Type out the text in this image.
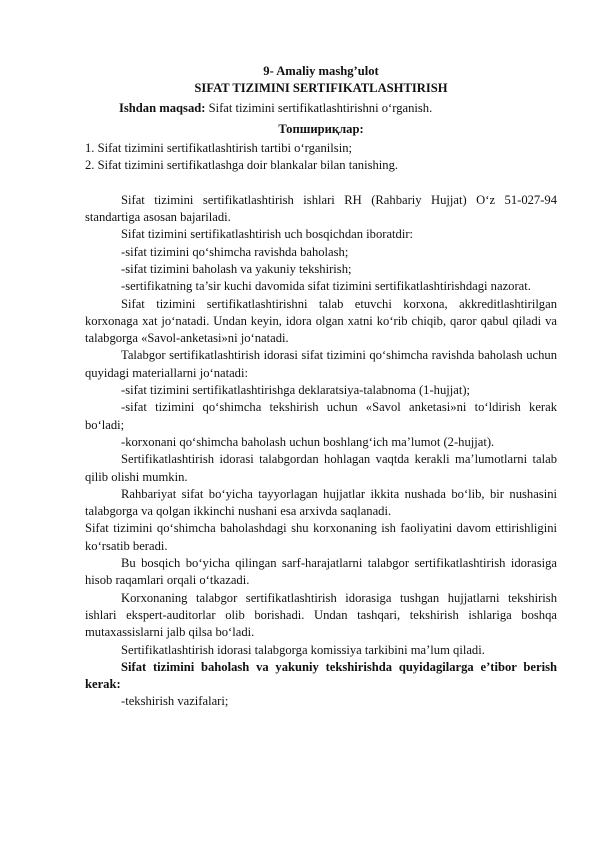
9- Amaliy mashg’ulot
SIFAT TIZIMINI SERTIFIKATLASHTIRISH
Ishdan maqsad: Sifat tizimini sertifikatlashtirishni o‘rganish.
Топшириқлар:

1. Sifat tizimini sertifikatlashtirish tartibi o‘rganilsin;

2. Sifat tizimini sertifikatlashga doir blankalar bilan tanishing.

Sifat tizimini sertifikatlashtirish ishlari RH (Rahbariy Hujjat) O‘z 51-027-94 standartiga asosan bajariladi.

Sifat tizimini sertifikatlashtirish uch bosqichdan iboratdir:

-sifat tizimini qo‘shimcha ravishda baholash;

-sifat tizimini baholash va yakuniy tekshirish;

-sertifikatning ta’sir kuchi davomida sifat tizimini sertifikatlashtirishdagi nazorat.

Sifat tizimini sertifikatlashtirishni talab etuvchi korxona, akkreditlashtirilgan korxonaga xat jo‘natadi. Undan keyin, idora olgan xatni ko‘rib chiqib, qaror qabul qiladi va talabgorga «Savol-anketasi»ni jo‘natadi.

Talabgor sertifikatlashtirish idorasi sifat tizimini qo‘shimcha ravishda baholash uchun quyidagi materiallarni jo‘natadi:

-sifat tizimini sertifikatlashtirishga deklaratsiya-talabnoma (1-hujjat);

-sifat tizimini qo‘shimcha tekshirish uchun «Savol anketasi»ni to‘ldirish kerak bo‘ladi;

-korxonani qo‘shimcha baholash uchun boshlang‘ich ma’lumot (2-hujjat).

Sertifikatlashtirish idorasi talabgordan hohlagan vaqtda kerakli ma’lumotlarni talab qilib olishi mumkin.

Rahbariyat sifat bo‘yicha tayyorlagan hujjatlar ikkita nushada bo‘lib, bir nushasini talabgorga va qolgan ikkinchi nushani esa arxivda saqlanadi.

Sifat tizimini qo‘shimcha baholashdagi shu korxonaning ish faoliyatini davom ettirishligini ko‘rsatib beradi.

Bu bosqich bo‘yicha qilingan sarf-harajatlarni talabgor sertifikatlashtirish idorasiga hisob raqamlari orqali o‘tkazadi.

Korxonaning talabgor sertifikatlashtirish idorasiga tushgan hujjatlarni tekshirish ishlari ekspert-auditorlar olib borishadi. Undan tashqari, tekshirish ishlariga boshqa mutaxassislarni jalb qilsa bo‘ladi.

Sertifikatlashtirish idorasi talabgorga komissiya tarkibini ma’lum qiladi.

Sifat tizimini baholash va yakuniy tekshirishda quyidagilarga e’tibor berish kerak:

-tekshirish vazifalari;
